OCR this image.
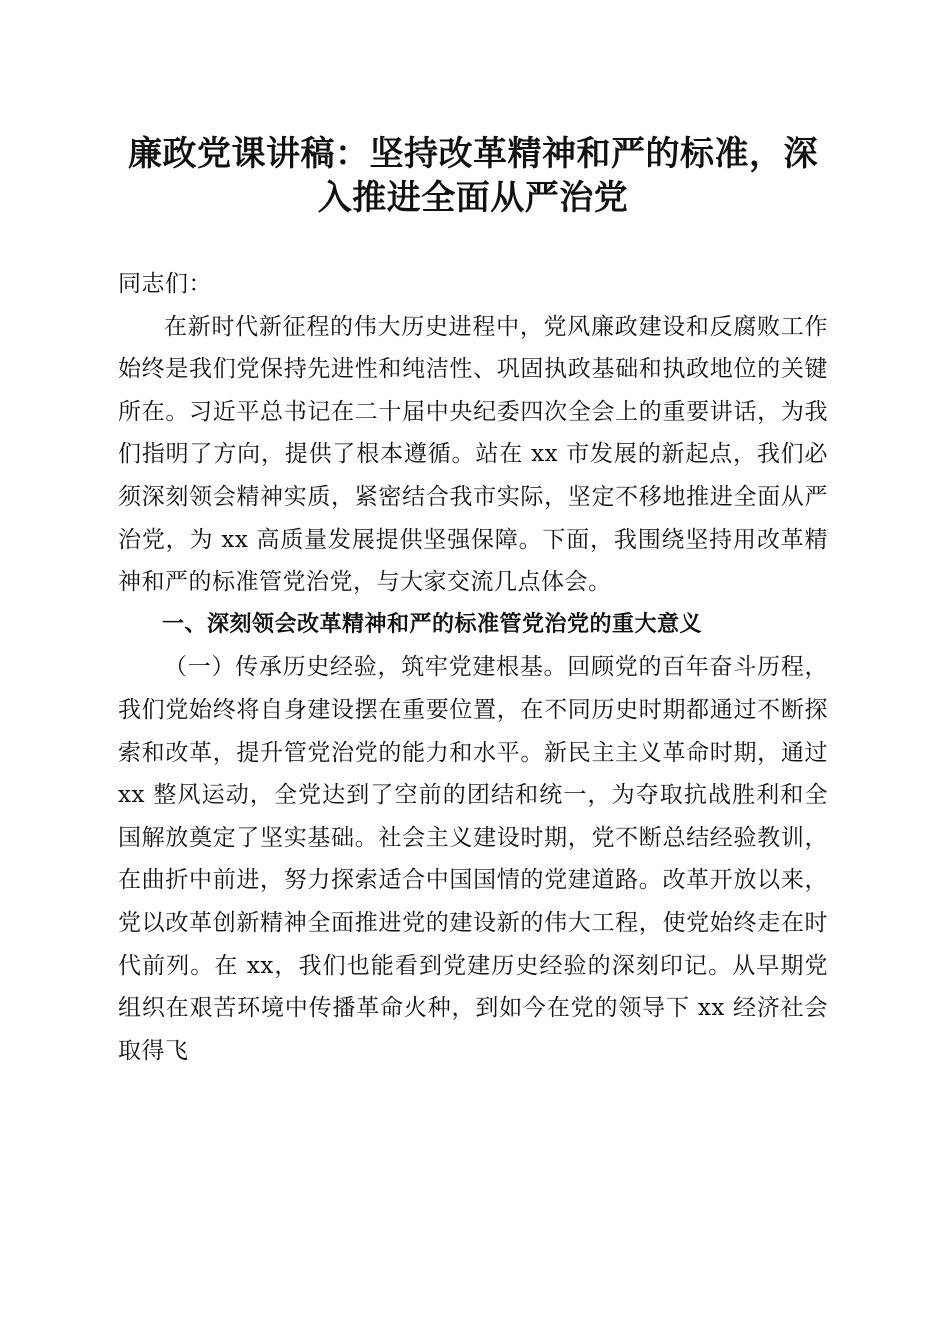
廉政党课讲稿：坚持改革精神和严的标准，深
入推进全面从严治党

同志们：

在新时代新征程的伟大历史进程中，党风廉政建设和反腐败工作始终是我们党保持先进性和纯洁性、巩固执政基础和执政地位的关键所在。习近平总书记在二十届中央纪委四次全会上的重要讲话，为我们指明了方向，提供了根本遵循。站在 xx 市发展的新起点，我们必须深刻领会精神实质，紧密结合我市实际，坚定不移地推进全面从严治党，为 xx 高质量发展提供坚强保障。下面，我围绕坚持用改革精神和严的标准管党治党，与大家交流几点体会。

一、深刻领会改革精神和严的标准管党治党的重大意义

（一）传承历史经验，筑牢党建根基。回顾党的百年奋斗历程，我们党始终将自身建设摆在重要位置，在不同历史时期都通过不断探索和改革，提升管党治党的能力和水平。新民主主义革命时期，通过 xx 整风运动，全党达到了空前的团结和统一，为夺取抗战胜利和全国解放奠定了坚实基础。社会主义建设时期，党不断总结经验教训，在曲折中前进，努力探索适合中国国情的党建道路。改革开放以来，党以改革创新精神全面推进党的建设新的伟大工程，使党始终走在时代前列。在 xx，我们也能看到党建历史经验的深刻印记。从早期党组织在艰苦环境中传播革命火种，到如今在党的领导下 xx 经济社会取得飞
